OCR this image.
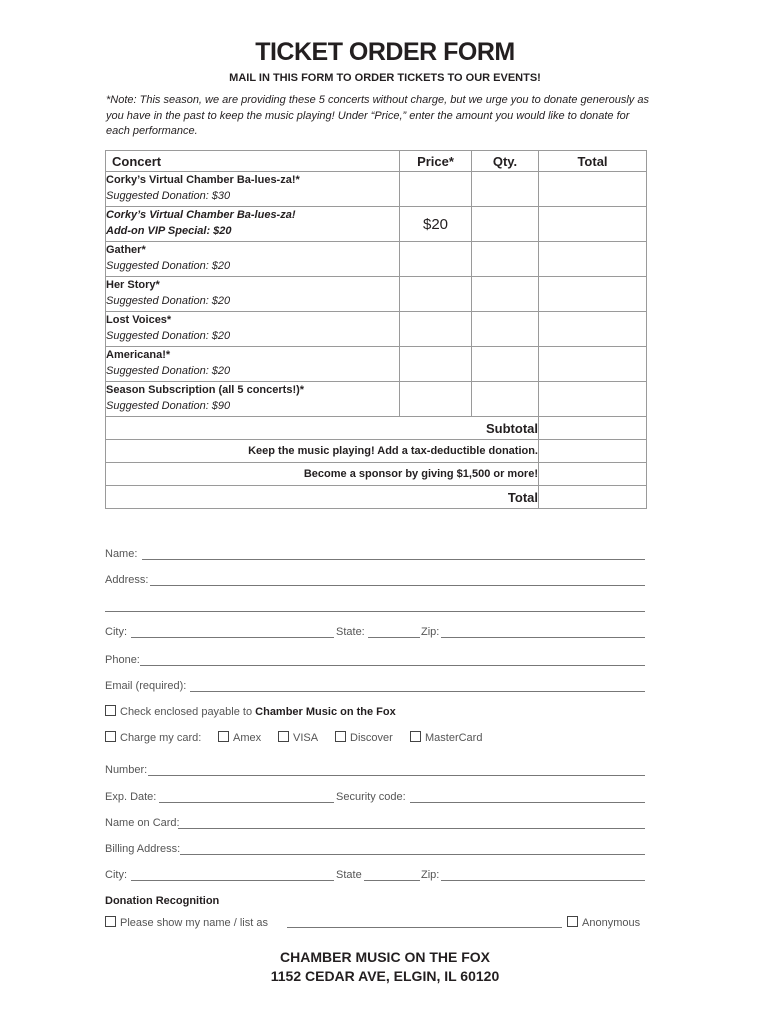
TICKET ORDER FORM
MAIL IN THIS FORM TO ORDER TICKETS TO OUR EVENTS!
*Note: This season, we are providing these 5 concerts without charge, but we urge you to donate generously as you have in the past to keep the music playing! Under “Price,” enter the amount you would like to donate for each performance.
Concert	Price*	Qty.	Total

Corky’s Virtual Chamber Ba-lues-za!*
Suggested Donation: $30			

Corky’s Virtual Chamber Ba-lues-za!
Add-on VIP Special: $20	$20		

Gather*
Suggested Donation: $20			

Her Story*
Suggested Donation: $20			

Lost Voices*
Suggested Donation: $20			

Americana!*
Suggested Donation: $20			

Season Subscription (all 5 concerts!)*
Suggested Donation: $90			

Subtotal			
Keep the music playing! Add a tax-deductible donation.			
Become a sponsor by giving $1,500 or more!			
Total			
Name:
Address:
City:	State:	Zip:
Phone:
Email (required):
Check enclosed payable to Chamber Music on the Fox
Charge my card:	Amex	VISA	Discover	MasterCard
Number:
Exp. Date:	Security code:
Name on Card:
Billing Address:
City:	State	Zip:
Donation Recognition
Please show my name / list as	Anonymous
CHAMBER MUSIC ON THE FOX
1152 CEDAR AVE, ELGIN, IL 60120
